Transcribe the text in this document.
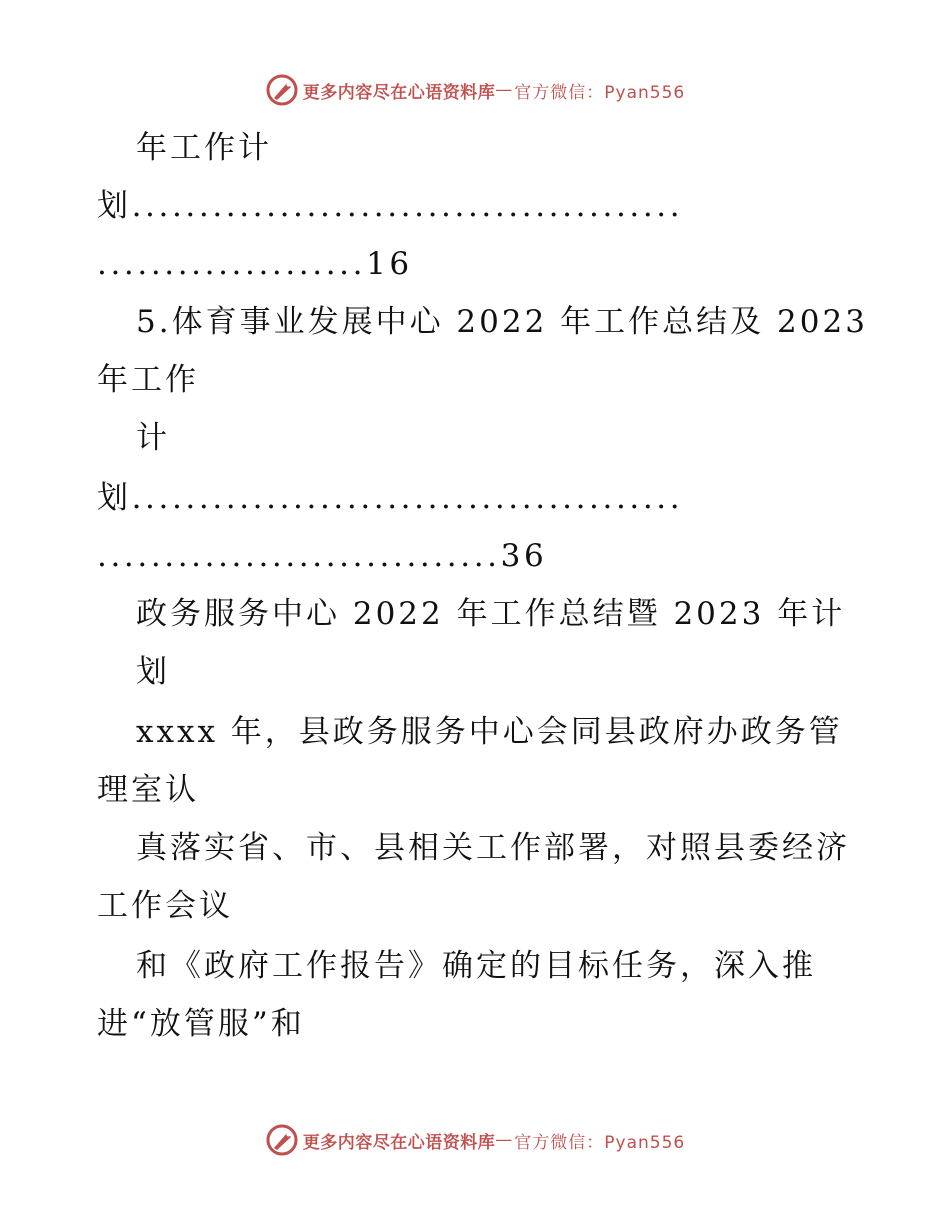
更多内容尽在心语资料库 — 官方微信：Pyan556

年工作计

划.........................................

....................16

5.体育事业发展中心 2022 年工作总结及 2023

年工作

计

划.........................................

..............................36

政务服务中心 2022 年工作总结暨 2023 年计

划

xxxx 年，县政务服务中心会同县政府办政务管

理室认

真落实省、市、县相关工作部署，对照县委经济

工作会议

和《政府工作报告》确定的目标任务，深入推

进“放管服”和

更多内容尽在心语资料库 — 官方微信：Pyan556
